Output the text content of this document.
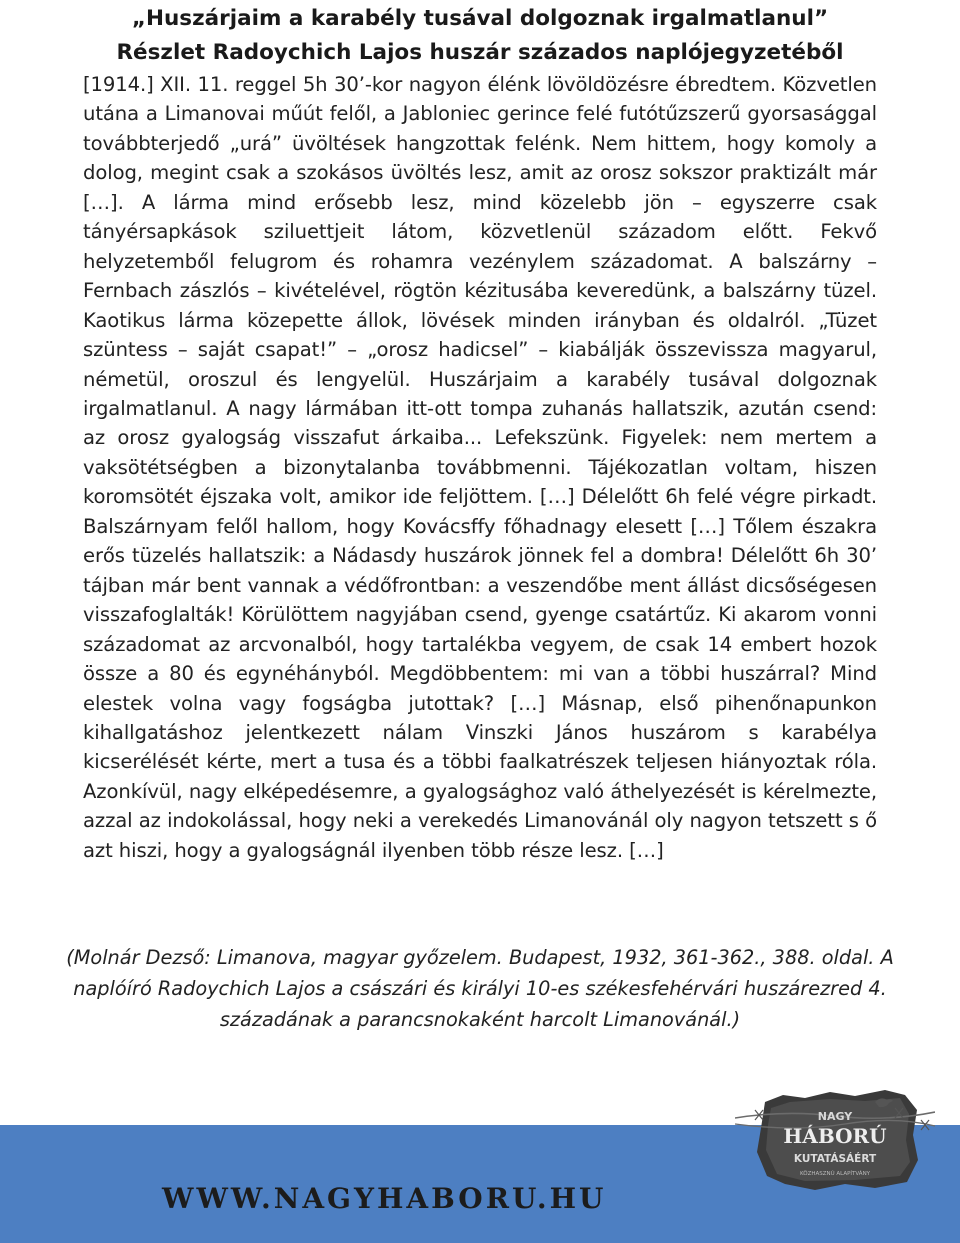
„Huszárjaim a karabély tusával dolgoznak irgalmatlanul”
Részlet Radoychich Lajos huszár százados naplójegyzetéből
[1914.] XII. 11. reggel 5h 30’-kor nagyon élénk lövöldözésre ébredtem. Közvetlen utána a Limanovai műút felől, a Jabloniec gerince felé futótűzszerű gyorsasággal továbbterjedő „urá” üvöltések hangzottak felénk. Nem hittem, hogy komoly a dolog, megint csak a szokásos üvöltés lesz, amit az orosz sokszor praktizált már […]. A lárma mind erősebb lesz, mind közelebb jön – egyszerre csak tányérsapkások sziluettjeit látom, közvetlenül századom előtt. Fekvő helyzetemből felugrom és rohamra vezénylem századomat. A balszárny – Fernbach zászlós – kivételével, rögtön kézitusába keveredünk, a balszárny tüzel. Kaotikus lárma közepette állok, lövések minden irányban és oldalról. „Tüzet szüntess – saját csapat!” – „orosz hadicsel” – kiabálják összevissza magyarul, németül, oroszul és lengyelül. Huszárjaim a karabély tusával dolgoznak irgalmatlanul. A nagy lármában itt-ott tompa zuhanás hallatszik, azután csend: az orosz gyalogság visszafut árkaiba... Lefekszünk. Figyelek: nem mertem a vaksötétségben a bizonytalanba továbbmenni. Tájékozatlan voltam, hiszen koromsötét éjszaka volt, amikor ide feljöttem. […] Délelőtt 6h felé végre pirkadt. Balszárnyam felől hallom, hogy Kovácsffy főhadnagy elesett […] Tőlem északra erős tüzelés hallatszik: a Nádasdy huszárok jönnek fel a dombra! Délelőtt 6h 30’ tájban már bent vannak a védőfrontban: a veszendőbe ment állást dicsőségesen visszafoglalták! Körülöttem nagyjában csend, gyenge csatártűz. Ki akarom vonni századomat az arcvonalból, hogy tartalékba vegyem, de csak 14 embert hozok össze a 80 és egynéhányból. Megdöbbentem: mi van a többi huszárral? Mind elestek volna vagy fogságba jutottak? […] Másnap, első pihenőnapunkon kihallgatáshoz jelentkezett nálam Vinszki János huszárom s karabélya kicserélését kérte, mert a tusa és a többi faalkatrészek teljesen hiányoztak róla. Azonkívül, nagy elképedésemre, a gyalogsághoz való áthelyezését is kérelmezte, azzal az indokolással, hogy neki a verekedés Limanovánál oly nagyon tetszett s ő azt hiszi, hogy a gyalogságnál ilyenben több része lesz. […]
(Molnár Dezső: Limanova, magyar győzelem. Budapest, 1932, 361-362., 388. oldal. A naplóíró Radoychich Lajos a császári és királyi 10-es székesfehérvári huszárezred 4. századának a parancsnokaként harcolt Limanovánál.)
WWW.NAGYHABORU.HU
NAGY
HÁBORÚ
KUTATÁSÁÉRT
KÖZHASZNÚ ALAPÍTVÁNY
